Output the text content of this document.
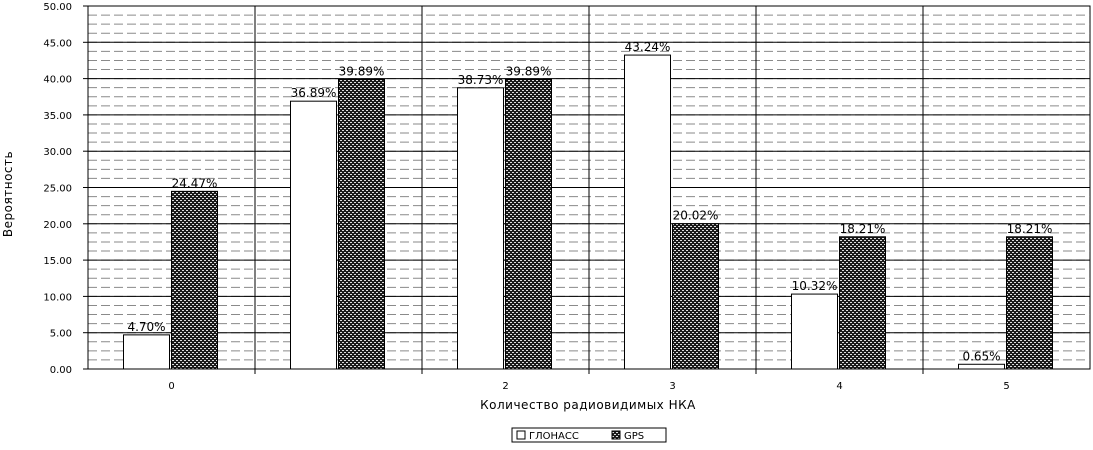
0.00
5.00
10.00
15.00
20.00
25.00
30.00
35.00
40.00
45.00
50.00
4.70%
24.47%
36.89%
39.89%
38.73%
39.89%
43.24%
20.02%
10.32%
18.21%
0.65%
18.21%
0	2	3	4	5
Вероятность
Количество радиовидимых НКА
ГЛОНАСС	GPS
